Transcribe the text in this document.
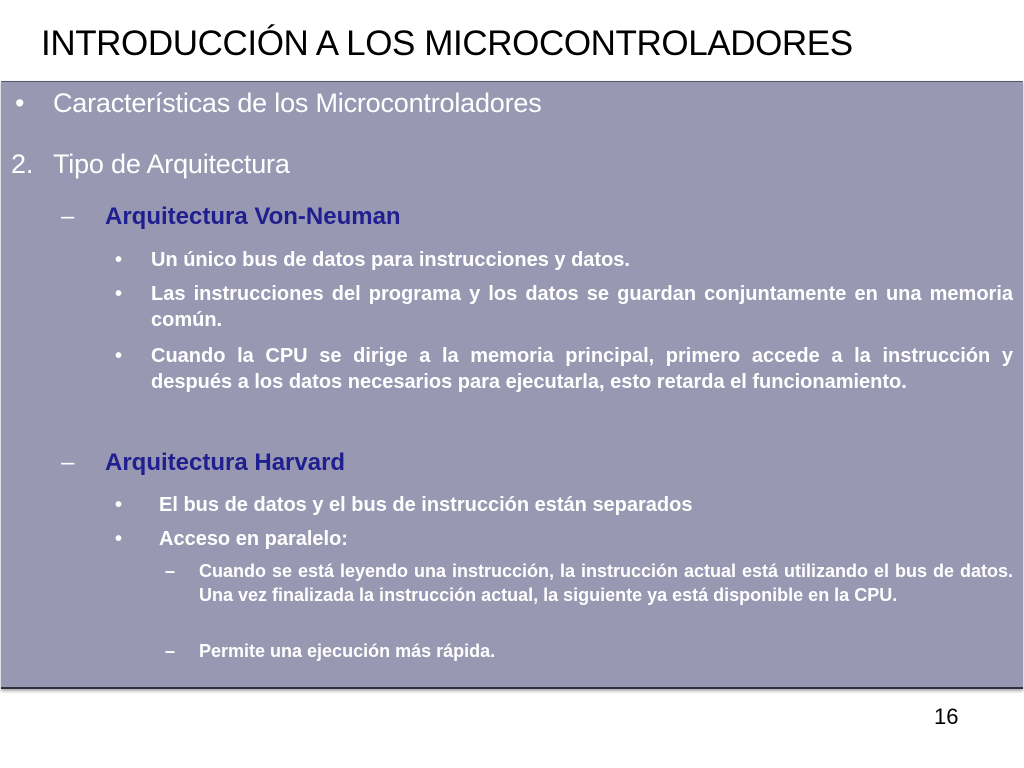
INTRODUCCIÓN A LOS MICROCONTROLADORES
• Características de los Microcontroladores
2. Tipo de Arquitectura
– Arquitectura Von-Neuman
• Un único bus de datos para instrucciones y datos.
• Las instrucciones del programa y los datos se guardan conjuntamente en una memoria común.
• Cuando la CPU se dirige a la memoria principal, primero accede a la instrucción y después a los datos necesarios para ejecutarla, esto retarda el funcionamiento.
– Arquitectura Harvard
• El bus de datos y el bus de instrucción están separados
• Acceso en paralelo:
– Cuando se está leyendo una instrucción, la instrucción actual está utilizando el bus de datos. Una vez finalizada la instrucción actual, la siguiente ya está disponible en la CPU.
– Permite una ejecución más rápida.
16
